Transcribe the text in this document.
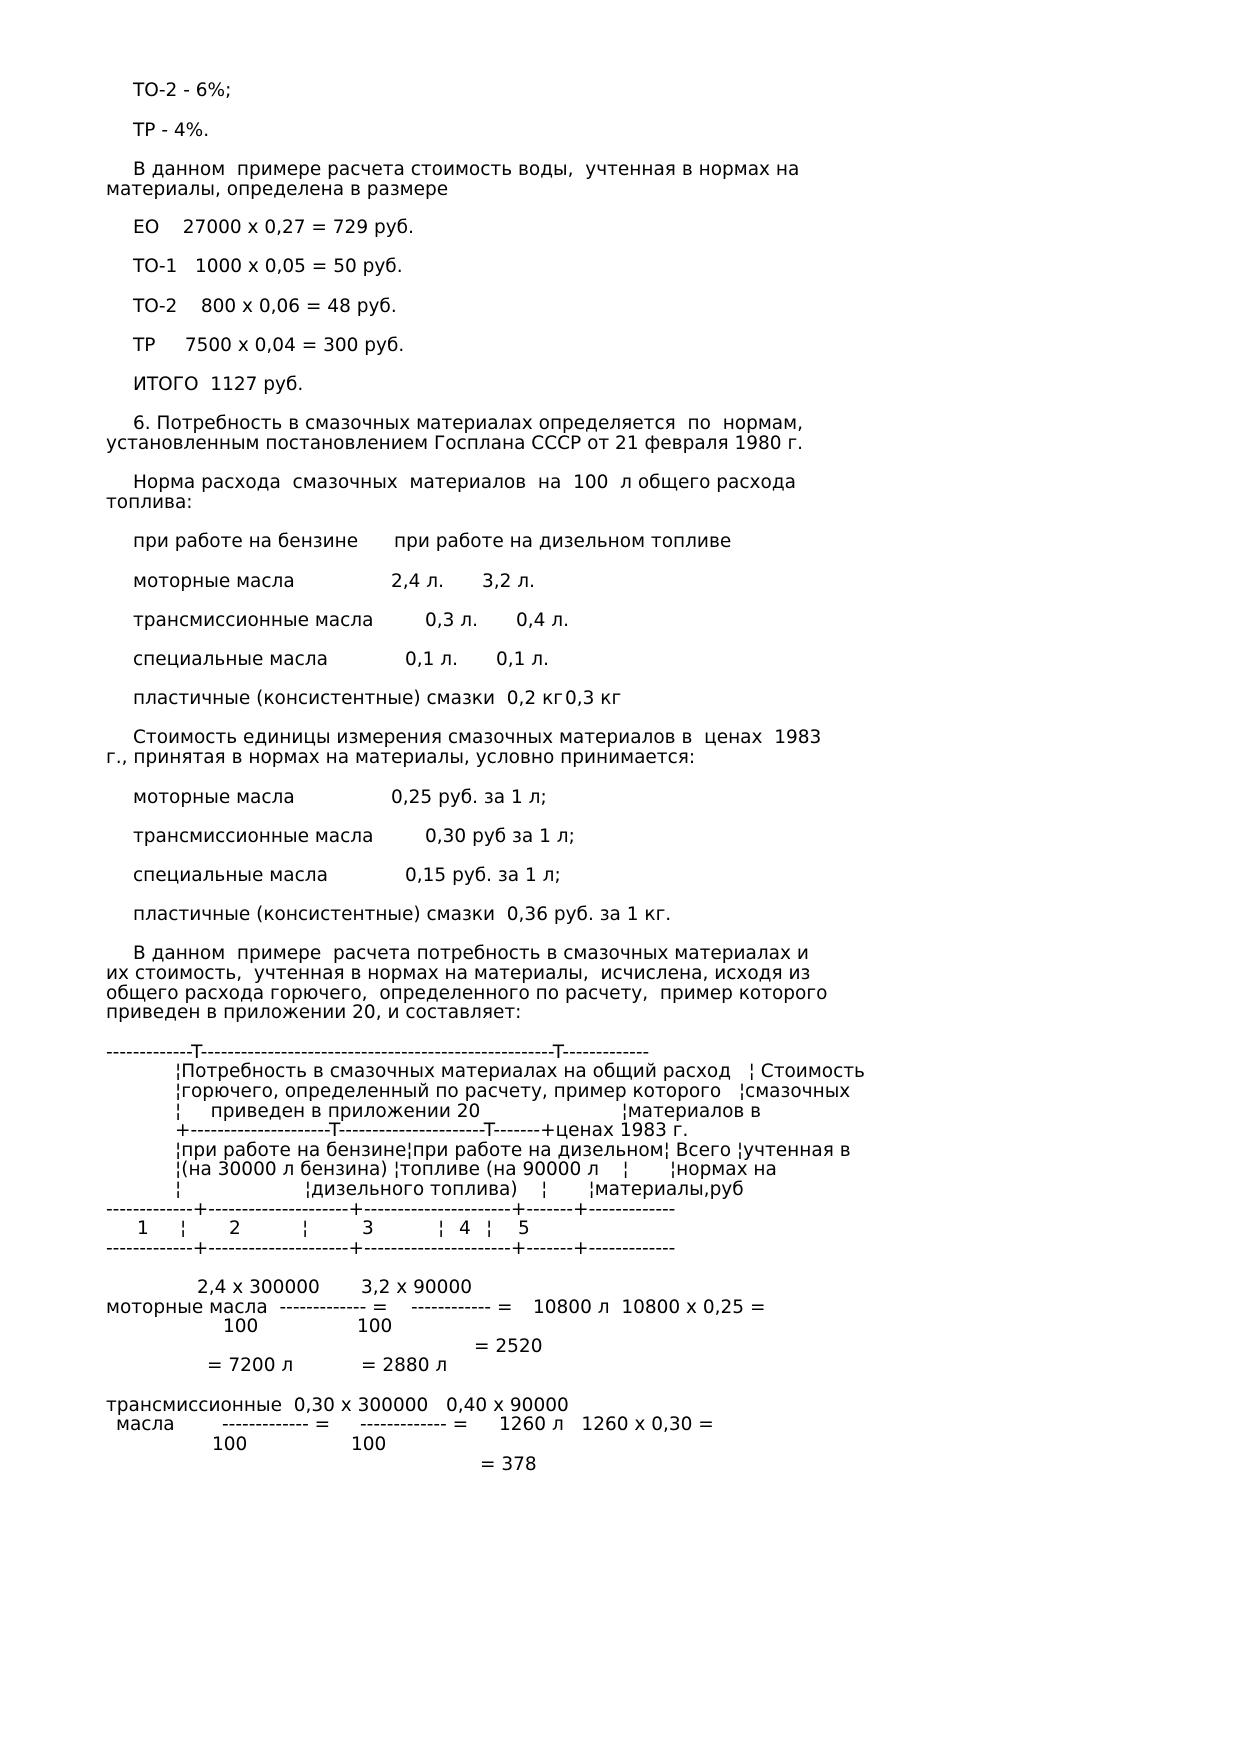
ТО-2 - 6%;
ТР - 4%.
В данном  примере расчета стоимость воды,  учтенная в нормах на
материалы, определена в размере
ЕО    27000 х 0,27 = 729 руб.
ТО-1   1000 х 0,05 = 50 руб.
ТО-2    800 х 0,06 = 48 руб.
ТР     7500 х 0,04 = 300 руб.
ИТОГО  1127 руб.
6. Потребность в смазочных материалах определяется  по  нормам,
установленным постановлением Госплана СССР от 21 февраля 1980 г.
Норма расхода  смазочных  материалов  на  100  л общего расхода
топлива:
при работе на бензине при работе на дизельном топливе
моторные масла	2,4 л. 3,2 л.
трансмиссионные масла	0,3 л. 0,4 л.
специальные масла	0,1 л. 0,1 л.
пластичные (консистентные) смазки  0,2 кг 0,3 кг
Стоимость единицы измерения смазочных материалов в  ценах  1983
г., принятая в нормах на материалы, условно принимается:
моторные масла	0,25 руб. за 1 л;
трансмиссионные масла	0,30 руб за 1 л;
специальные масла	0,15 руб. за 1 л;
пластичные (консистентные) смазки  0,36 руб. за 1 кг.
В данном  примере  расчета потребность в смазочных материалах и
их стоимость,  учтенная в нормах на материалы,  исчислена, исходя из
общего расхода горючего,  определенного по расчету,  пример которого
приведен в приложении 20, и составляет:
-------------T-----------------------------------------------------T-------------
¦Потребность в смазочных материалах на общий расход   ¦ Стоимость
¦горючего, определенный по расчету, пример которого   ¦смазочных
¦     приведен в приложении 20                        ¦материалов в
+---------------------T----------------------T-------+ценах 1983 г.
¦при работе на бензине¦при работе на дизельном¦ Всего ¦учтенная в
¦(на 30000 л бензина) ¦топливе (на 90000 л    ¦       ¦нормах на
¦                     ¦дизельного топлива)    ¦       ¦материалы,руб
-------------+---------------------+----------------------+-------+-------------
1 ¦ 2	¦	3	¦ 4 ¦ 5
-------------+---------------------+----------------------+-------+-------------
2,4 х 300000 3,2 х 90000
моторные масла  ------------- = ------------ = 10800 л  10800 х 0,25 =
100	100
= 2520
= 7200 л	= 2880 л
трансмиссионные  0,30 х 300000 0,40 х 90000
масла	------------- = ------------- = 1260 л   1260 х 0,30 =
100	100
= 378
